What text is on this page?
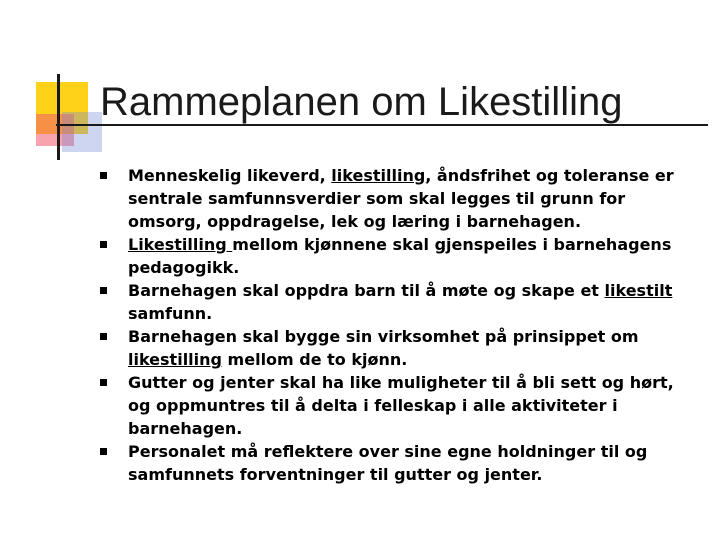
Rammeplanen om Likestilling
Menneskelig likeverd, likestilling, åndsfrihet og toleranse er sentrale samfunnsverdier som skal legges til grunn for omsorg, oppdragelse, lek og læring i barnehagen.
Likestilling mellom kjønnene skal gjenspeiles i barnehagens pedagogikk.
Barnehagen skal oppdra barn til å møte og skape et likestilt samfunn.
Barnehagen skal bygge sin virksomhet på prinsippet om likestilling mellom de to kjønn.
Gutter og jenter skal ha like muligheter til å bli sett og hørt, og oppmuntres til å delta i felleskap i alle aktiviteter i barnehagen.
Personalet må reflektere over sine egne holdninger til og samfunnets forventninger til gutter og jenter.
